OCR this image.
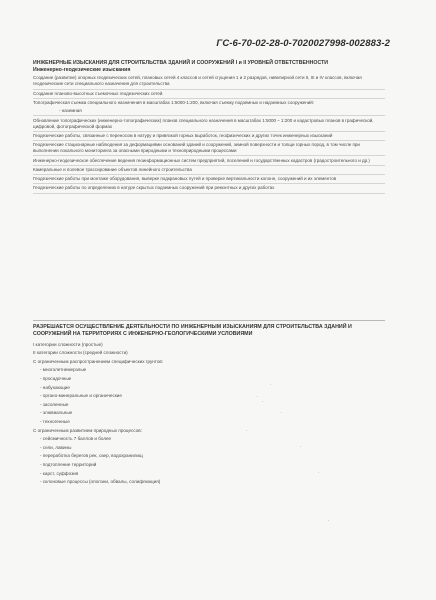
ГС-6-70-02-28-0-7020027998-002883-2
ИНЖЕНЕРНЫЕ ИЗЫСКАНИЯ ДЛЯ СТРОИТЕЛЬСТВА ЗДАНИЙ И СООРУЖЕНИЙ I и II УРОВНЕЙ ОТВЕТСТВЕННОСТИ
Инженерно-геодезические изыскания
Создание (развитие) опорных геодезических сетей, плановых сетей 4 классов и сетей сгущения 1 и 2 разрядов, нивелирной сети II, III и IV классов, включая геодезические сети специального назначения для строительства
Создание планово-высотных съемочных геодезических сетей
Топографическая съемка специального назначения в масштабах 1:5000-1:200, включая съемку подземных и надземных сооружений:
- наземная
Обновление топографических (инженерно-топографических) планов специального назначения в масштабах 1:5000 – 1:200 и кадастровых планов в графической, цифровой, фотографической формах
Геодезические работы, связанные с переносом в натуру и привязкой горных выработок, геофизических и других точек инженерных изысканий
Геодезические стационарные наблюдения за деформациями оснований зданий и сооружений, земной поверхности и толщи горных пород, в том числе при выполнении локального мониторинга за опасными природными и техноприродными процессами
Инженерно-геодезическое обеспечение ведения геоинформационных систем предприятий, поселений и государственных кадастров (градостроительного и др.)
Камеральные и полевое трассирование объектов линейного строительства
Геодезические работы при монтаже оборудования, выверке подкрановых путей и проверке вертикальности колонн, сооружений и их элементов
Геодезические работы по определению в натуре скрытых подземных сооружений при ремонтных и других работах
РАЗРЕШАЕТСЯ ОСУЩЕСТВЛЕНИЕ ДЕЯТЕЛЬНОСТИ ПО ИНЖЕНЕРНЫМ ИЗЫСКАНИЯМ ДЛЯ СТРОИТЕЛЬСТВА ЗДАНИЙ И СООРУЖЕНИЙ НА ТЕРРИТОРИЯХ С ИНЖЕНЕРНО-ГЕОЛОГИЧЕСКИМИ УСЛОВИЯМИ
I категории сложности (простые)
II категории сложности (средней сложности)
С ограниченным распространением специфических грунтов:
- многолетнемерзлые
- просадочные
- набухающие
- органо-минеральные и органические
- засоленные
- элювиальные
- техногенные
С ограниченным развитием природных процессов:
- сейсмичность 7 баллов и более
- сели, лавины
- переработка берегов рек, озер, водохранилищ
- подтопление территорий
- карст, суффозия
- склоновые процессы (оползни, обвалы, солифлюкция)
